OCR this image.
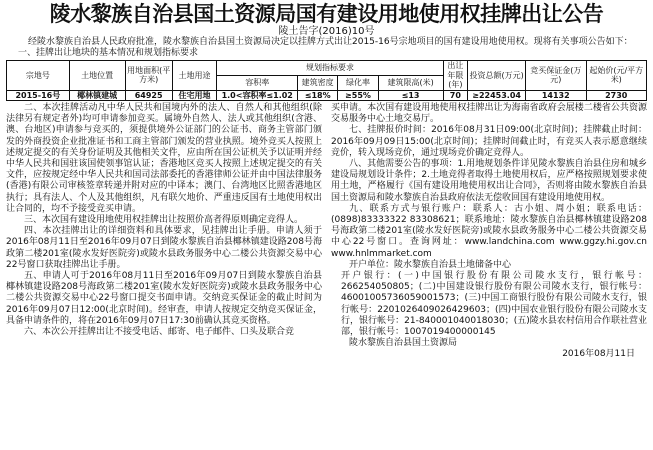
陵水黎族自治县国土资源局国有建设用地使用权挂牌出让公告

陵土告字(2016)10号

经陵水黎族自治县人民政府批准，陵水黎族自治县国土资源局决定以挂牌方式出让2015-16号宗地项目的国有建设用地使用权。现将有关事项公告如下：

一、挂牌出让地块的基本情况和规划指标要求

宗地号	土地位置	用地面积(平方米)	土地用途	规划指标要求				出让年限(年)	投资总额(万元)	竞买保证金(万元)	起始价(元/平方米)
				容积率	建筑密度	绿化率	建筑限高(米)				
2015-16号	椰林镇建城	64925	住宅用地	1.0<容积率≤1.02	≤18%	≥55%	≤13	70	≥22453.04	14132	2730

二、本次挂牌活动凡中华人民共和国境内外的法人、自然人和其他组织(除法律另有规定者外)均可申请参加竞买。属境外自然人、法人或其他组织(含港、澳、台地区)申请参与竞买的，须提供境外公证部门的公证书、商务主管部门颁发的外商投资企业批准证书和工商主管部门颁发的营业执照。境外竞买人按照上述规定提交的有关身份证明及其他相关文件，应由所在国公证机关予以证明并经中华人民共和国驻该国使领事馆认证；香港地区竞买人按照上述规定提交的有关文件，应按规定经中华人民共和国司法部委托的香港律师公证并由中国法律服务(香港)有限公司审核签章转递并附对应的中译本；澳门、台湾地区比照香港地区执行；具有法人、个人及其他组织，凡有联欠地价、严重违反国有土地使用权出让合同的，均不予接受竞买申请。

三、本次国有建设用地使用权挂牌出让按照价高者得原则确定竞得人。

四、本次挂牌出让的详细资料和具体要求，见挂牌出让手册。申请人须于2016年08月11日至2016年09月07日到陵水黎族自治县椰林镇建设路208号海政第二楼201室(陵水发好医院旁)或陵水县政务服务中心二楼公共资源交易中心22号窗口获取挂牌出让手册。

五、申请人可于2016年08月11日至2016年09月07日到陵水黎族自治县椰林镇建设路208号海政第二楼201室(陵水发好医院旁)或陵水县政务服务中心二楼公共资源交易中心22号窗口提交书面申请。交纳竞买保证金的截止时间为2016年09月07日12:00(北京时间)。经审查，申请人按规定交纳竞买保证金，具备申请条件的，将在2016年09月07日17:30前确认其竞买资格。

六、本次公开挂牌出让不接受电话、邮寄、电子邮件、口头及联合竞

买申请。本次国有建设用地使用权挂牌出让为海南省政府会展楼二楼省公共资源交易服务中心土地交易厅。

七、挂牌报价时间：2016年08月31日09:00(北京时间)；挂牌截止时间：2016年09月09日15:00(北京时间)；挂牌时间截止时，有竞买人表示愿意继续竞价，转入现场竞价，通过现场竞价确定竞得人。

八、其他需要公告的事项：1.用地规划条件详见陵水黎族自治县住房和城乡建设局规划设计条件；2.土地竞得者取得土地使用权后，应严格按照规划要求使用土地，严格履行《国有建设用地使用权出让合同》，否则将由陵水黎族自治县国土资源局和陵水黎族自治县政府依法无偿收回国有建设用地使用权。

九、联系方式与银行账户：联系人：古小姐、周小姐；联系电话：(0898)83333322 83308621；联系地址：陵水黎族自治县椰林镇建设路208号海政第二楼201室(陵水发好医院旁)或陵水县政务服务中心二楼公共资源交易中心22号窗口。查询网址：www.landchina.com www.ggzy.hi.gov.cn www.hnlmmarket.com

开户单位：陵水黎族自治县土地储备中心

开户银行：(一)中国银行股份有限公司陵水支行，银行帐号：266254050805；(二)中国建设银行股份有限公司陵水支行，银行帐号：46001005736059001573；(三)中国工商银行股份有限公司陵水支行，银行帐号：2201026409026429603；(四)中国农业银行股份有限公司陵水支行，银行帐号：21-840001040018030；(五)陵水县农村信用合作联社营业部，银行帐号：1007019400000145

陵水黎族自治县国土资源局

2016年08月11日
